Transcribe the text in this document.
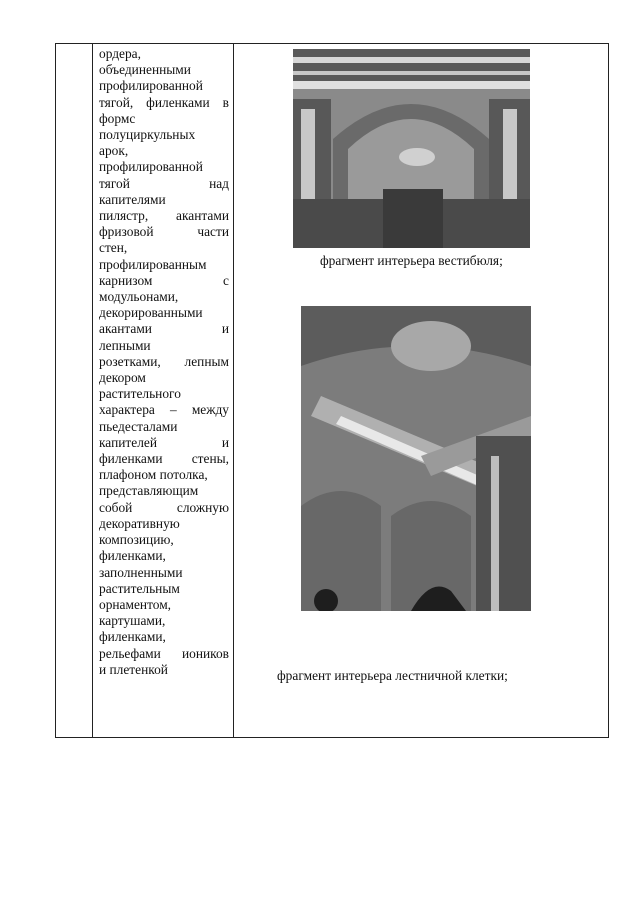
ордера,
объединенными
профилированной
тягой, филенками в
формс
полуциркульных
арок,
профилированной
тягой над
капителями
пилястр, акантами
фризовой части
стен,
профилированным
карнизом с
модульонами,
декорированными
акантами и
лепными
розетками, лепным
декором
растительного
характера – между
пьедесталами
капителей и
филенками стены,
плафоном потолка,
представляющим
собой сложную
декоративную
композицию,
филенками,
заполненными
растительным
орнаментом,
картушами,
филенками,
рельефами иоников
и плетенкой

фрагмент интерьера вестибюля;
фрагмент интерьера лестничной клетки;
